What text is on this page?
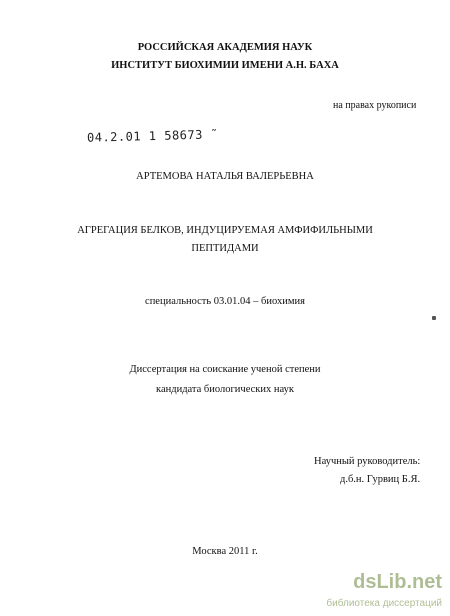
РОССИЙСКАЯ АКАДЕМИЯ НАУК
ИНСТИТУТ БИОХИМИИ ИМЕНИ А.Н. БАХА
на правах рукописи
04.2.01 1 58673 ˜
АРТЕМОВА НАТАЛЬЯ ВАЛЕРЬЕВНА
АГРЕГАЦИЯ БЕЛКОВ, ИНДУЦИРУЕМАЯ АМФИФИЛЬНЫМИ
ПЕПТИДАМИ
специальность 03.01.04 – биохимия
Диссертация на соискание ученой степени
кандидата биологических наук
Научный руководитель:
д.б.н. Гурвиц Б.Я.
Москва 2011 г.
dsLib.net
библиотека диссертаций
